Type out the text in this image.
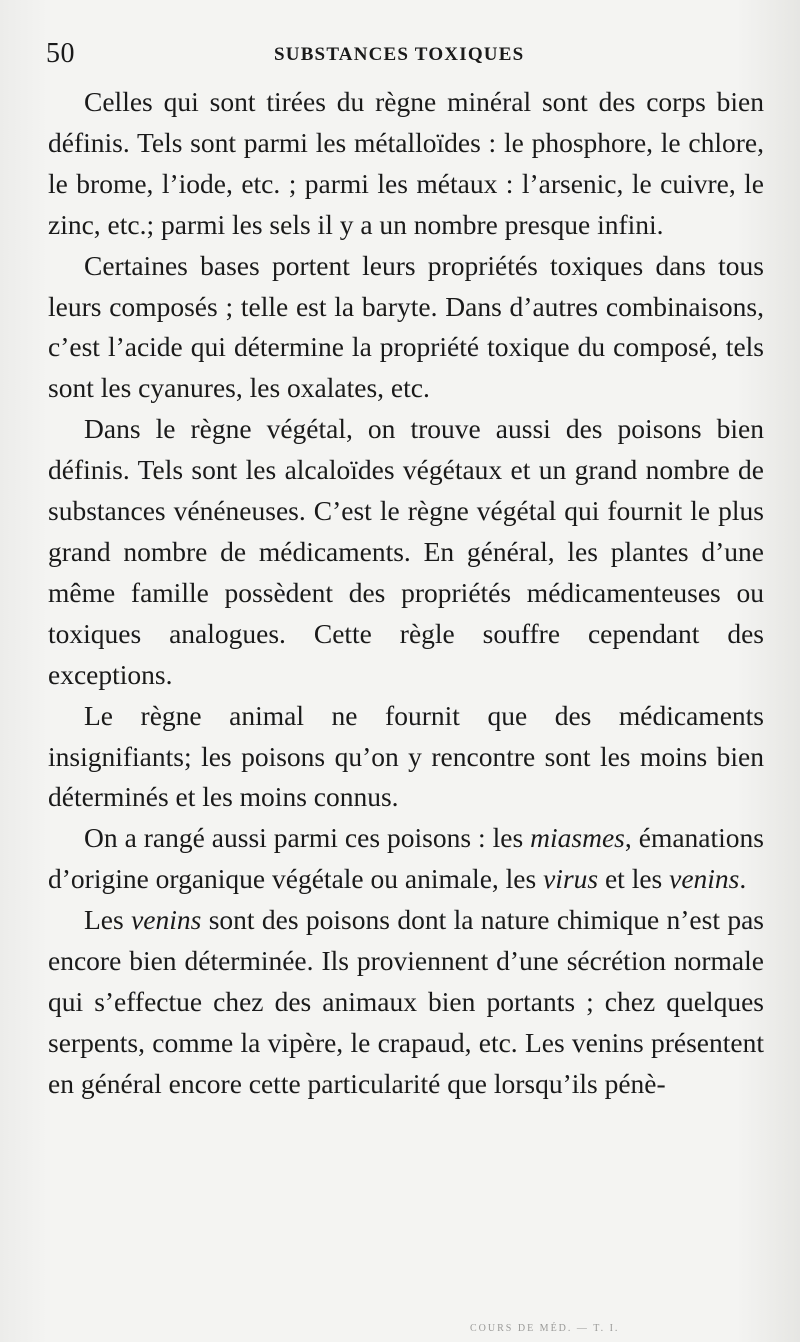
50	SUBSTANCES TOXIQUES

Celles qui sont tirées du règne minéral sont des corps bien définis. Tels sont parmi les métalloïdes : le phosphore, le chlore, le brome, l’iode, etc. ; parmi les métaux : l’arsenic, le cuivre, le zinc, etc.; parmi les sels il y a un nombre presque infini.

Certaines bases portent leurs propriétés toxiques dans tous leurs composés ; telle est la baryte. Dans d’autres combinaisons, c’est l’acide qui détermine la propriété toxique du composé, tels sont les cyanures, les oxalates, etc.

Dans le règne végétal, on trouve aussi des poisons bien définis. Tels sont les alcaloïdes végétaux et un grand nombre de substances vénéneuses. C’est le règne végétal qui fournit le plus grand nombre de médicaments. En général, les plantes d’une même famille possèdent des propriétés médicamenteuses ou toxiques analogues. Cette règle souffre cependant des exceptions.

Le règne animal ne fournit que des médicaments insignifiants; les poisons qu’on y rencontre sont les moins bien déterminés et les moins connus.

On a rangé aussi parmi ces poisons : les miasmes, émanations d’origine organique végétale ou animale, les virus et les venins.

Les venins sont des poisons dont la nature chimique n’est pas encore bien déterminée. Ils proviennent d’une sécrétion normale qui s’effectue chez des animaux bien portants ; chez quelques serpents, comme la vipère, le crapaud, etc. Les venins présentent en général encore cette particularité que lorsqu’ils pénè-

COURS DE MÉD. — T. I.
